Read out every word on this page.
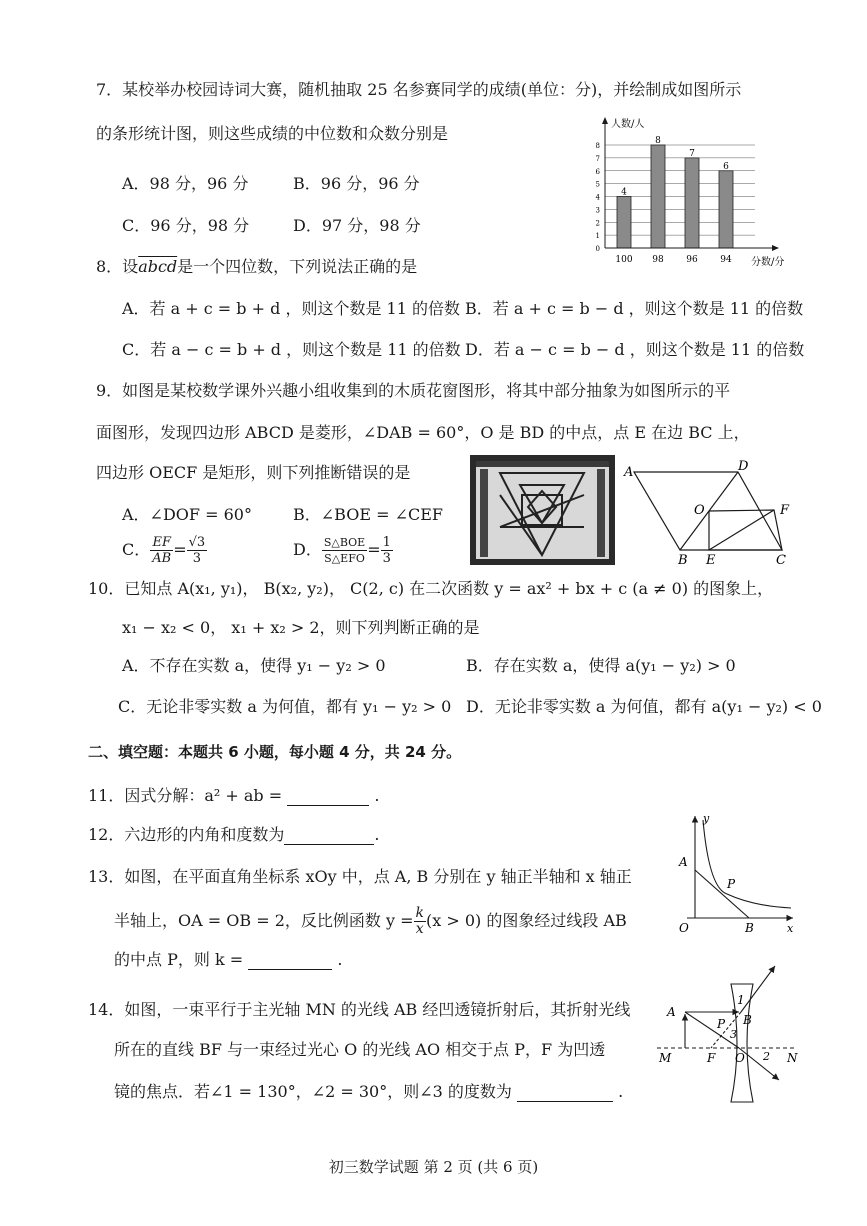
7．某校举办校园诗词大赛，随机抽取 25 名参赛同学的成绩(单位：分)，并绘制成如图所示
的条形统计图，则这些成绩的中位数和众数分别是
A．98 分，96 分	B．96 分，96 分
C．96 分，98 分	D．97 分，98 分
4
8
7
6
0
1
2
3
4
5
6
7
8
人数/人
分数/分
100 98	96	94
8．设abcd是一个四位数，下列说法正确的是
A．若 a + c = b + d ，则这个数是 11 的倍数 B．若 a + c = b − d ，则这个数是 11 的倍数
C．若 a − c = b + d ，则这个数是 11 的倍数 D．若 a − c = b − d ，则这个数是 11 的倍数
9．如图是某校数学课外兴趣小组收集到的木质花窗图形，将其中部分抽象为如图所示的平
面图形，发现四边形 ABCD 是菱形，∠DAB = 60°，O 是 BD 的中点，点 E 在边 BC 上，
四边形 OECF 是矩形，则下列推断错误的是
A．∠DOF = 60°	B．∠BOE = ∠CEF
C． $\frac{EF}{AB} = \frac{√3}{3}$	D． $\frac{\text{S△BOE}}{\text{S△EFO}} = \frac{1}{3}$
A	D
O	F
B E	C
10．已知点 A(x₁, y₁)， B(x₂, y₂)， C(2, c) 在二次函数 y = ax² + bx + c (a ≠ 0) 的图象上，
x₁ − x₂ < 0， x₁ + x₂ > 2，则下列判断正确的是
A．不存在实数 a，使得 y₁ − y₂ > 0	B．存在实数 a，使得 a(y₁ − y₂) > 0
C．无论非零实数 a 为何值，都有 y₁ − y₂ > 0 D．无论非零实数 a 为何值，都有 a(y₁ − y₂) < 0
二、填空题：本题共 6 小题，每小题 4 分，共 24 分。
11．因式分解：a² + ab =	.
12．六边形的内角和度数为	.
13．如图，在平面直角坐标系 xOy 中，点 A, B 分别在 y 轴正半轴和 x 轴正
半轴上，OA = OB = 2，反比例函数 $y = \frac{k}{x} (x > 0)$ 的图象经过线段 AB
的中点 P，则 k =	.
y
A
P
O	B	x
14．如图，一束平行于主光轴 MN 的光线 AB 经凹透镜折射后，其折射光线
所在的直线 BF 与一束经过光心 O 的光线 AO 相交于点 P，F 为凹透
镜的焦点．若∠1 = 130°，∠2 = 30°，则∠3 的度数为	.
A
1
B
P
3
M	F O 2 N
初三数学试题 第 2 页 (共 6 页)
